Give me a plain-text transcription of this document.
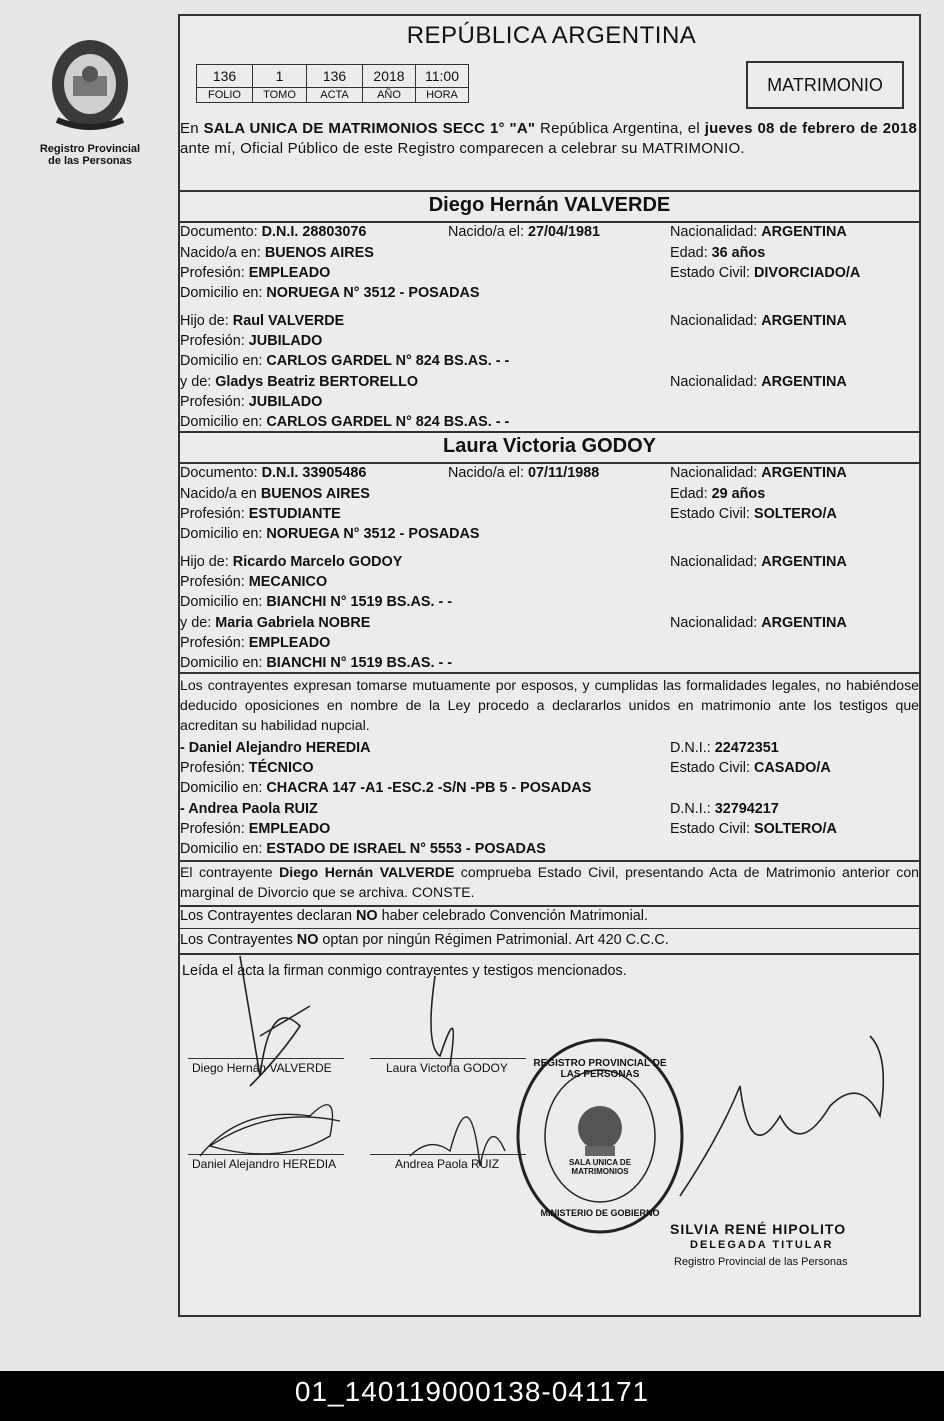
Registro Provincial
de las Personas
REPÚBLICA ARGENTINA
136	1	136	2018	11:00
FOLIO	TOMO	ACTA	AÑO	HORA	MATRIMONIO
En SALA UNICA DE MATRIMONIOS SECC 1° "A" República Argentina, el jueves 08 de febrero de 2018 ante mí, Oficial Público de este Registro comparecen a celebrar su MATRIMONIO.
Diego Hernán VALVERDE
Documento: D.N.I. 28803076	Nacido/a el: 27/04/1981	Nacionalidad: ARGENTINA
Nacido/a en: BUENOS AIRES	Edad: 36 años
Profesión: EMPLEADO	Estado Civil: DIVORCIADO/A
Domicilio en: NORUEGA N° 3512 - POSADAS
Hijo de: Raul VALVERDE	Nacionalidad: ARGENTINA
Profesión: JUBILADO
Domicilio en: CARLOS GARDEL N° 824 BS.AS. - -
y de: Gladys Beatriz BERTORELLO	Nacionalidad: ARGENTINA
Profesión: JUBILADO
Domicilio en: CARLOS GARDEL N° 824 BS.AS. - -
Laura Victoria GODOY
Documento: D.N.I. 33905486	Nacido/a el: 07/11/1988	Nacionalidad: ARGENTINA
Nacido/a en BUENOS AIRES	Edad: 29 años
Profesión: ESTUDIANTE	Estado Civil: SOLTERO/A
Domicilio en: NORUEGA N° 3512 - POSADAS
Hijo de: Ricardo Marcelo GODOY	Nacionalidad: ARGENTINA
Profesión: MECANICO
Domicilio en: BIANCHI N° 1519 BS.AS. - -
y de: Maria Gabriela NOBRE	Nacionalidad: ARGENTINA
Profesión: EMPLEADO
Domicilio en: BIANCHI N° 1519 BS.AS. - -
Los contrayentes expresan tomarse mutuamente por esposos, y cumplidas las formalidades legales, no habiéndose deducido oposiciones en nombre de la Ley procedo a declararlos unidos en matrimonio ante los testigos que acreditan su habilidad nupcial.
- Daniel Alejandro HEREDIA	D.N.I.: 22472351
Profesión: TÉCNICO	Estado Civil: CASADO/A
Domicilio en: CHACRA 147 -A1 -ESC.2 -S/N -PB 5 - POSADAS
- Andrea Paola RUIZ	D.N.I.: 32794217
Profesión: EMPLEADO	Estado Civil: SOLTERO/A
Domicilio en: ESTADO DE ISRAEL N° 5553 - POSADAS
El contrayente Diego Hernán VALVERDE comprueba Estado Civil, presentando Acta de Matrimonio anterior con marginal de Divorcio que se archiva. CONSTE.
Los Contrayentes declaran NO haber celebrado Convención Matrimonial.
Los Contrayentes NO optan por ningún Régimen Patrimonial. Art 420 C.C.C.
Leída el acta la firman conmigo contrayentes y testigos mencionados.
Diego Hernán VALVERDE	Laura Victoria GODOY
Daniel Alejandro HEREDIA	Andrea Paola RUIZ
REGISTRO PROVINCIAL DE LAS PERSONAS
SALA UNICA DE MATRIMONIOS
MINISTERIO DE GOBIERNO
SILVIA RENÉ HIPOLITO
DELEGADA TITULAR
Registro Provincial de las Personas
01_140119000138-041171
